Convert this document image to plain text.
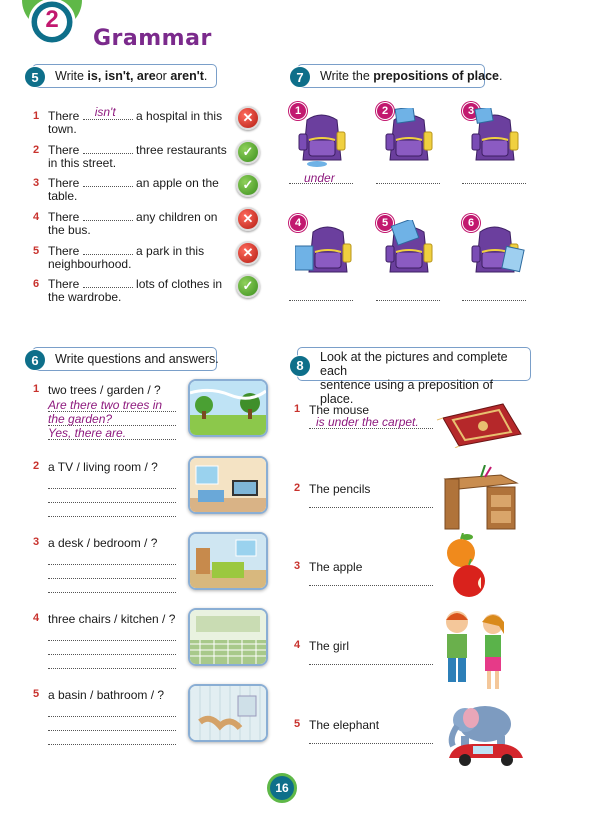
2
Grammar
5	Write
is, isn't, are or
aren't .
1 There isn't a hospital in this
town.
2 There	three restaurants
in this street.
3 There	an apple on the
table.
4 There	any children on
the bus.
5 There	a park in this
neighbourhood.
6 There	lots of clothes in
the wardrobe.
7	Write the
prepositions of place .
1
under
2	3
4	5	6
6	Write questions and answers.
1 two trees / garden / ?
Are there two trees in
the garden?
Yes, there are.
2 a TV / living room / ?
3 a desk / bedroom / ?
4 three chairs / kitchen / ?
5 a basin / bathroom / ?
8
Look at the pictures and complete each
sentence using a preposition of place.
1 The mouse
is under the carpet.
2 The pencils
3 The apple
4 The girl
5 The elephant
16
✕
✓
✓
✕
✕
✓
